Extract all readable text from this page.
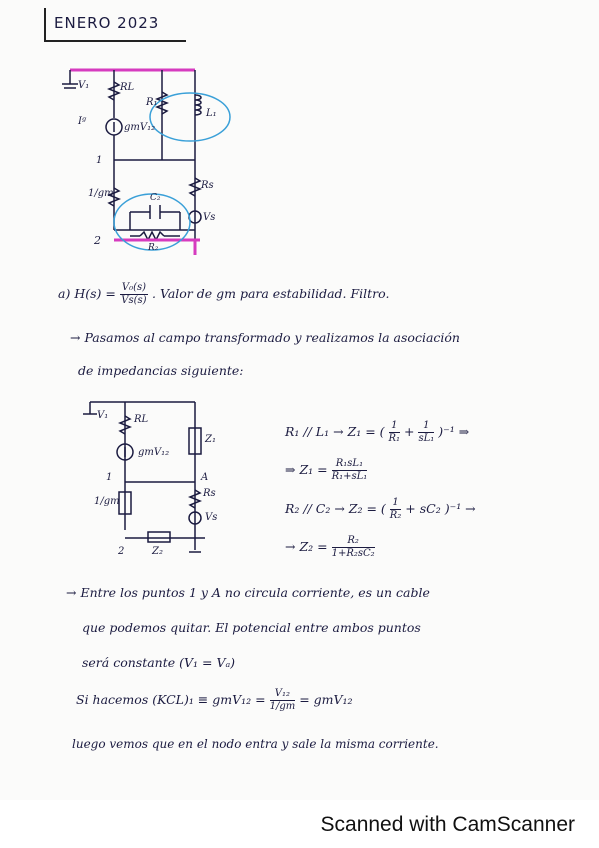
ENERO 2023
V₁	RL
Iᵍ
gmV₁₂
R₁
L₁
1
1/gm	C₂
R₂
Rs
Vs
2
a) $H(s) = \frac{\text{V₀(s)}}{Vs(s)}$ . Valor de gm para estabilidad. Filtro.
→ Pasamos al campo transformado y realizamos la asociación
de impedancias siguiente:
V₁	RL
gmV₁₂
Z₁
1	A
1/gm
Rs
Vs
2	Z₂
R₁ // L₁ → Z₁ = ( $\frac{1}{\text{R₁}} + \frac{1}{\text{sL₁}} )^{-1}$ ⇒
⇒ $Z_1 = \frac{\text{R₁sL₁}}{\text{R₁+sL₁}}$
R₂ // C₂ → Z₂ = ( $\frac{1}{\text{R₂}} + sC_2$ )⁻¹ →
→ $Z_2 = \frac{\text{R₂}}{\text{1+R₂sC₂}}$
→ Entre los puntos 1 y A no circula corriente, es un cable
que podemos quitar. El potencial entre ambos puntos
será constante (V₁ = Vₐ)
Si hacemos $(KCL)_1 \equiv gmV_{12} = \frac{\text{V₁₂}}{1/gm} = gmV_{12}$
luego vemos que en el nodo entra y sale la misma corriente.
Scanned with CamScanner
